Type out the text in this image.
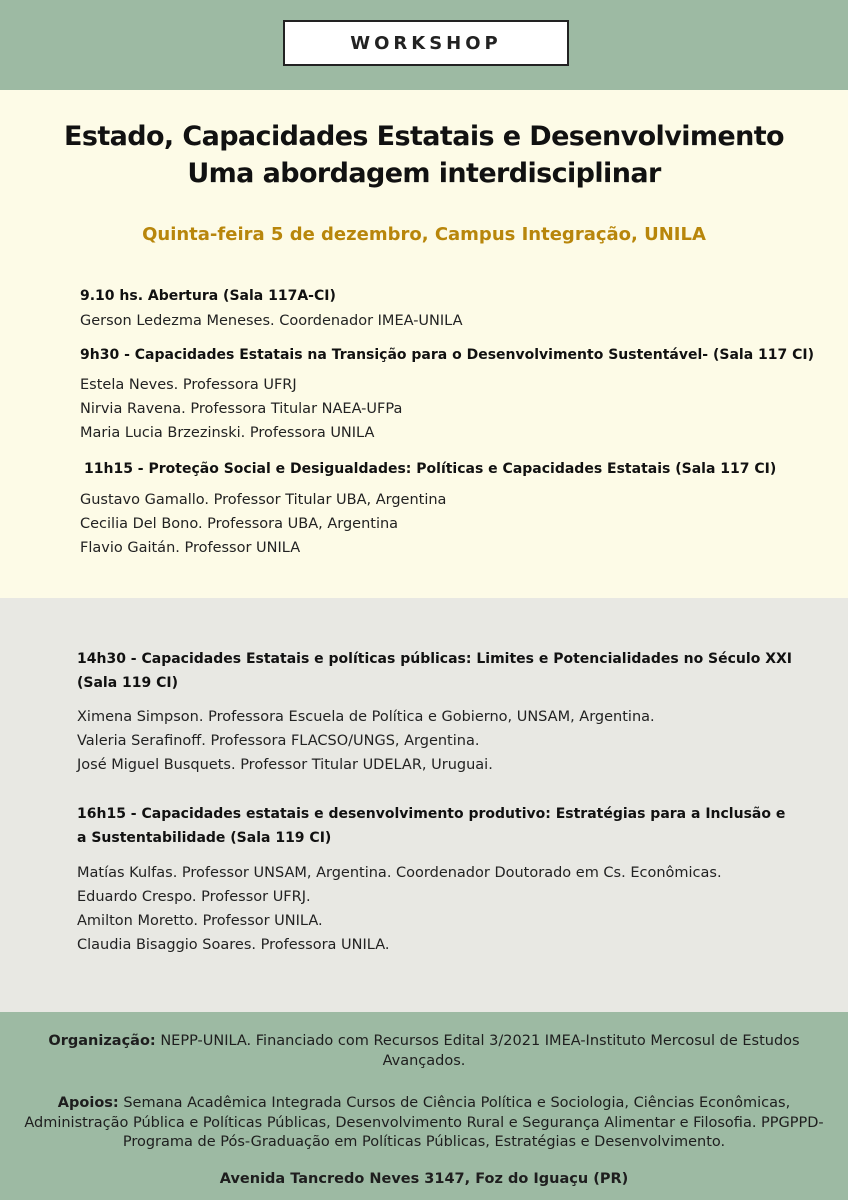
WORKSHOP
Estado, Capacidades Estatais e Desenvolvimento
Uma abordagem interdisciplinar
Quinta-feira 5 de dezembro, Campus Integração, UNILA
9.10 hs. Abertura (Sala 117A-CI)
Gerson Ledezma Meneses. Coordenador IMEA-UNILA
9h30 - Capacidades Estatais na Transição para o Desenvolvimento Sustentável- (Sala 117 CI)
Estela Neves. Professora UFRJ
Nirvia Ravena. Professora Titular NAEA-UFPa
Maria Lucia Brzezinski. Professora UNILA
11h15 - Proteção Social e Desigualdades: Políticas e Capacidades Estatais (Sala 117 CI)
Gustavo Gamallo. Professor Titular UBA, Argentina
Cecilia Del Bono. Professora UBA, Argentina
Flavio Gaitán. Professor UNILA
14h30 - Capacidades Estatais e políticas públicas: Limites e Potencialidades no Século XXI
(Sala 119 CI)
Ximena Simpson. Professora Escuela de Política e Gobierno, UNSAM, Argentina.
Valeria Serafinoff. Professora FLACSO/UNGS, Argentina.
José Miguel Busquets. Professor Titular UDELAR, Uruguai.
16h15 - Capacidades estatais e desenvolvimento produtivo: Estratégias para a Inclusão e
a Sustentabilidade (Sala 119 CI)
Matías Kulfas. Professor UNSAM, Argentina. Coordenador Doutorado em Cs. Econômicas.
Eduardo Crespo. Professor UFRJ.
Amilton Moretto. Professor UNILA.
Claudia Bisaggio Soares. Professora UNILA.
Organização: NEPP-UNILA. Financiado com Recursos Edital 3/2021 IMEA-Instituto Mercosul de Estudos Avançados.
Apoios: Semana Acadêmica Integrada Cursos de Ciência Política e Sociologia, Ciências Econômicas, Administração Pública e Políticas Públicas, Desenvolvimento Rural e Segurança Alimentar e Filosofia. PPGPPD-Programa de Pós-Graduação em Políticas Públicas, Estratégias e Desenvolvimento.
Avenida Tancredo Neves 3147, Foz do Iguaçu (PR)
